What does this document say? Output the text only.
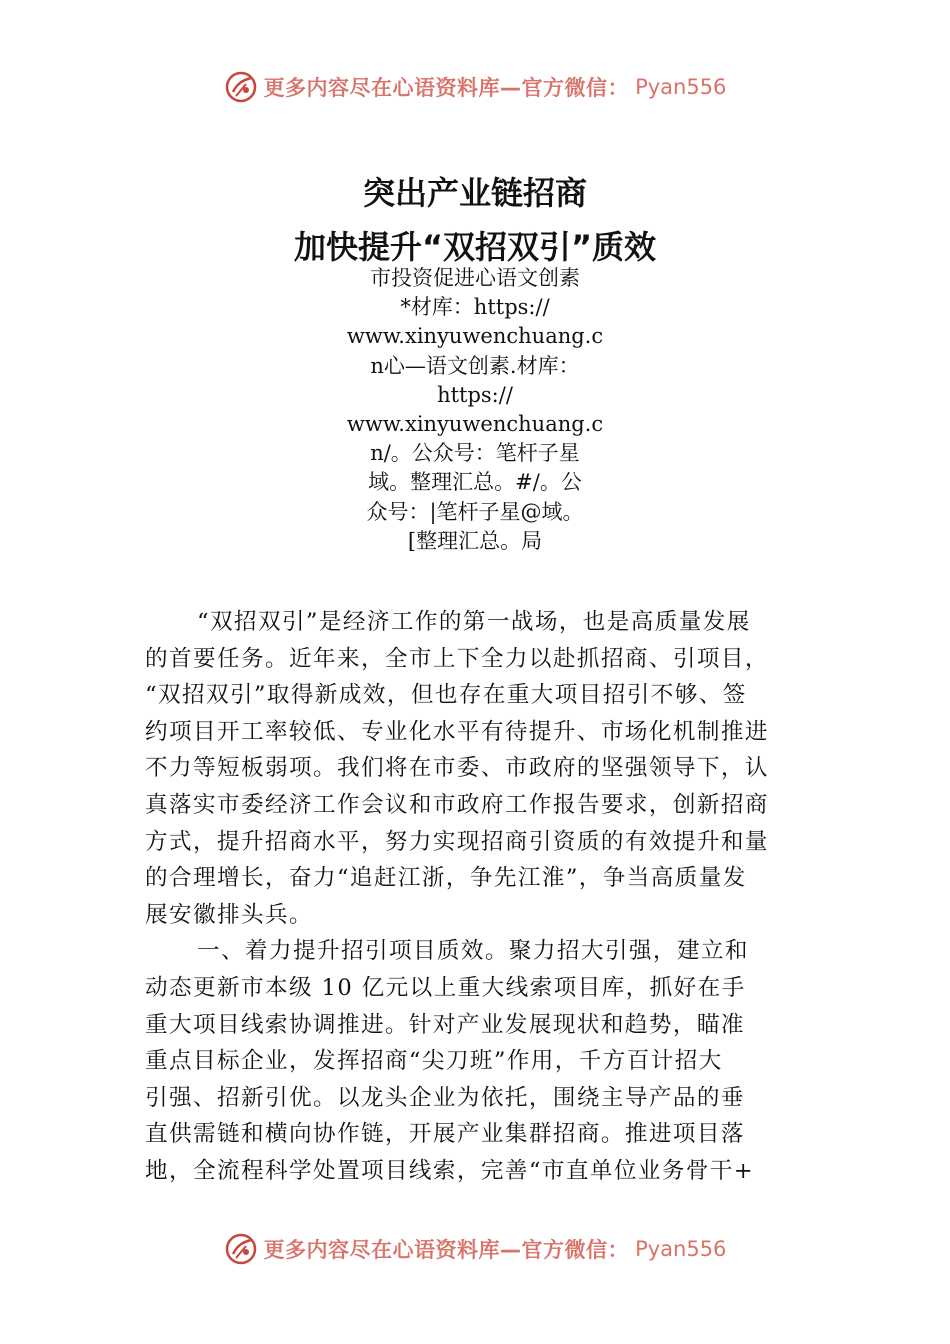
更多内容尽在心语资料库—官方微信： Pyan556
突出产业链招商
加快提升“双招双引”质效
市投资促进心语文创素
*材库：https://
www.xinyuwenchuang.c
n心—语文创素.材库：
https://
www.xinyuwenchuang.c
n/。公众号：笔杆子星
域。整理汇总。#/。公
众号：|笔杆子星@域。
[整理汇总。局
“双招双引”是经济工作的第一战场，也是高质量发展
的首要任务。近年来，全市上下全力以赴抓招商、引项目，
“双招双引”取得新成效，但也存在重大项目招引不够、签
约项目开工率较低、专业化水平有待提升、市场化机制推进
不力等短板弱项。我们将在市委、市政府的坚强领导下，认
真落实市委经济工作会议和市政府工作报告要求，创新招商
方式，提升招商水平，努力实现招商引资质的有效提升和量
的合理增长，奋力“追赶江浙，争先江淮”，争当高质量发
展安徽排头兵。
一、着力提升招引项目质效。聚力招大引强，建立和
动态更新市本级 10 亿元以上重大线索项目库，抓好在手
重大项目线索协调推进。针对产业发展现状和趋势，瞄准
重点目标企业，发挥招商“尖刀班”作用，千方百计招大
引强、招新引优。以龙头企业为依托，围绕主导产品的垂
直供需链和横向协作链，开展产业集群招商。推进项目落
地，全流程科学处置项目线索，完善“市直单位业务骨干+
更多内容尽在心语资料库—官方微信： Pyan556
